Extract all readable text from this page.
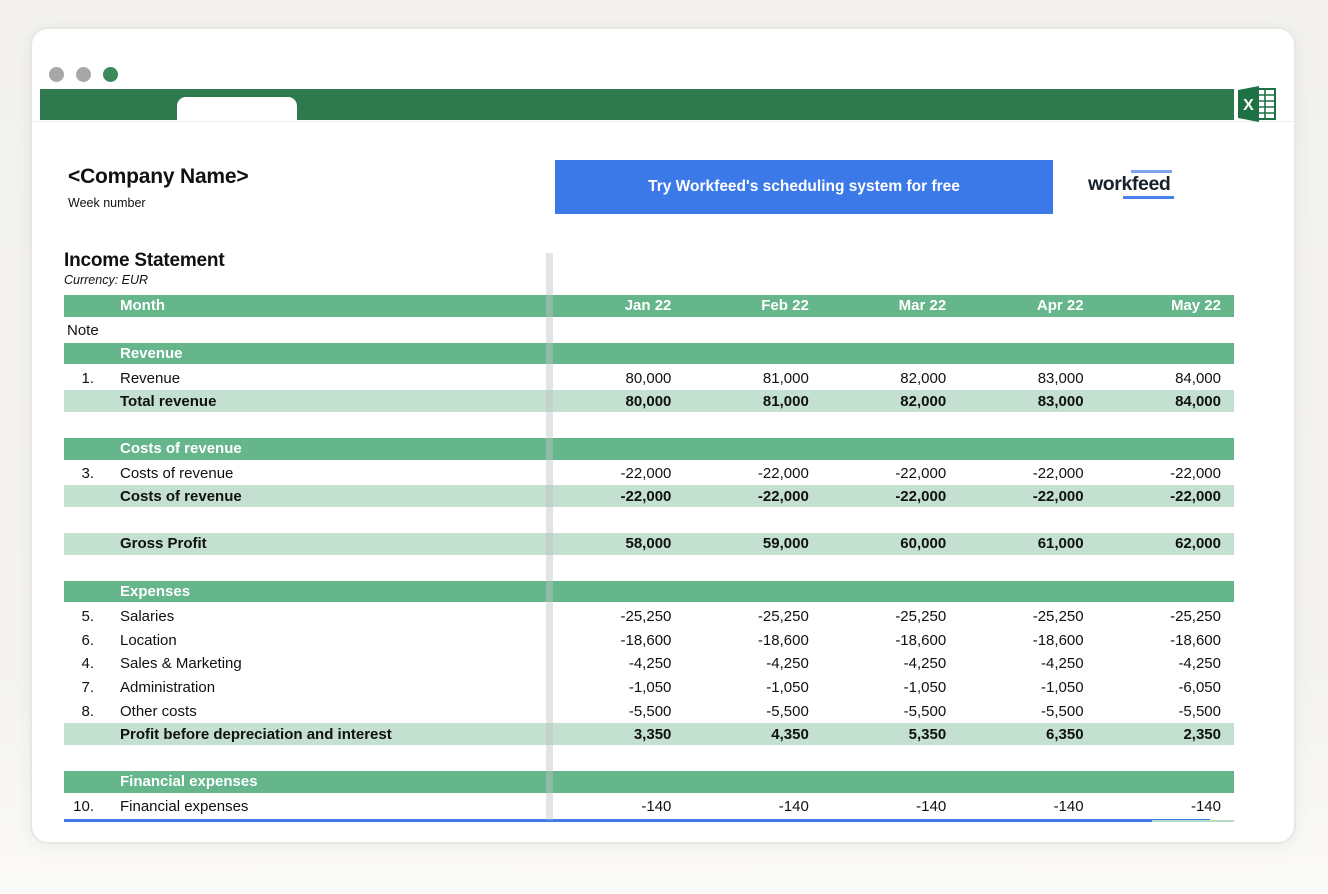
X
<Company Name>
Week number
Try Workfeed's scheduling system for free	workfeed
Income Statement
Currency: EUR
Month	Jan 22	Feb 22	Mar 22	Apr 22	May 22
Note
Revenue
1.	Revenue	80,000	81,000	82,000	83,000	84,000
Total revenue	80,000	81,000	82,000	83,000	84,000
Costs of revenue
3.	Costs of revenue	-22,000	-22,000	-22,000	-22,000	-22,000
Costs of revenue	-22,000	-22,000	-22,000	-22,000	-22,000
Gross Profit	58,000	59,000	60,000	61,000	62,000
Expenses
5.	Salaries	-25,250	-25,250	-25,250	-25,250	-25,250
6.	Location	-18,600	-18,600	-18,600	-18,600	-18,600
4.	Sales & Marketing	-4,250	-4,250	-4,250	-4,250	-4,250
7.	Administration	-1,050	-1,050	-1,050	-1,050	-6,050
8.	Other costs	-5,500	-5,500	-5,500	-5,500	-5,500
Profit before depreciation and interest	3,350	4,350	5,350	6,350	2,350
Financial expenses
10.	Financial expenses	-140	-140	-140	-140	-140
